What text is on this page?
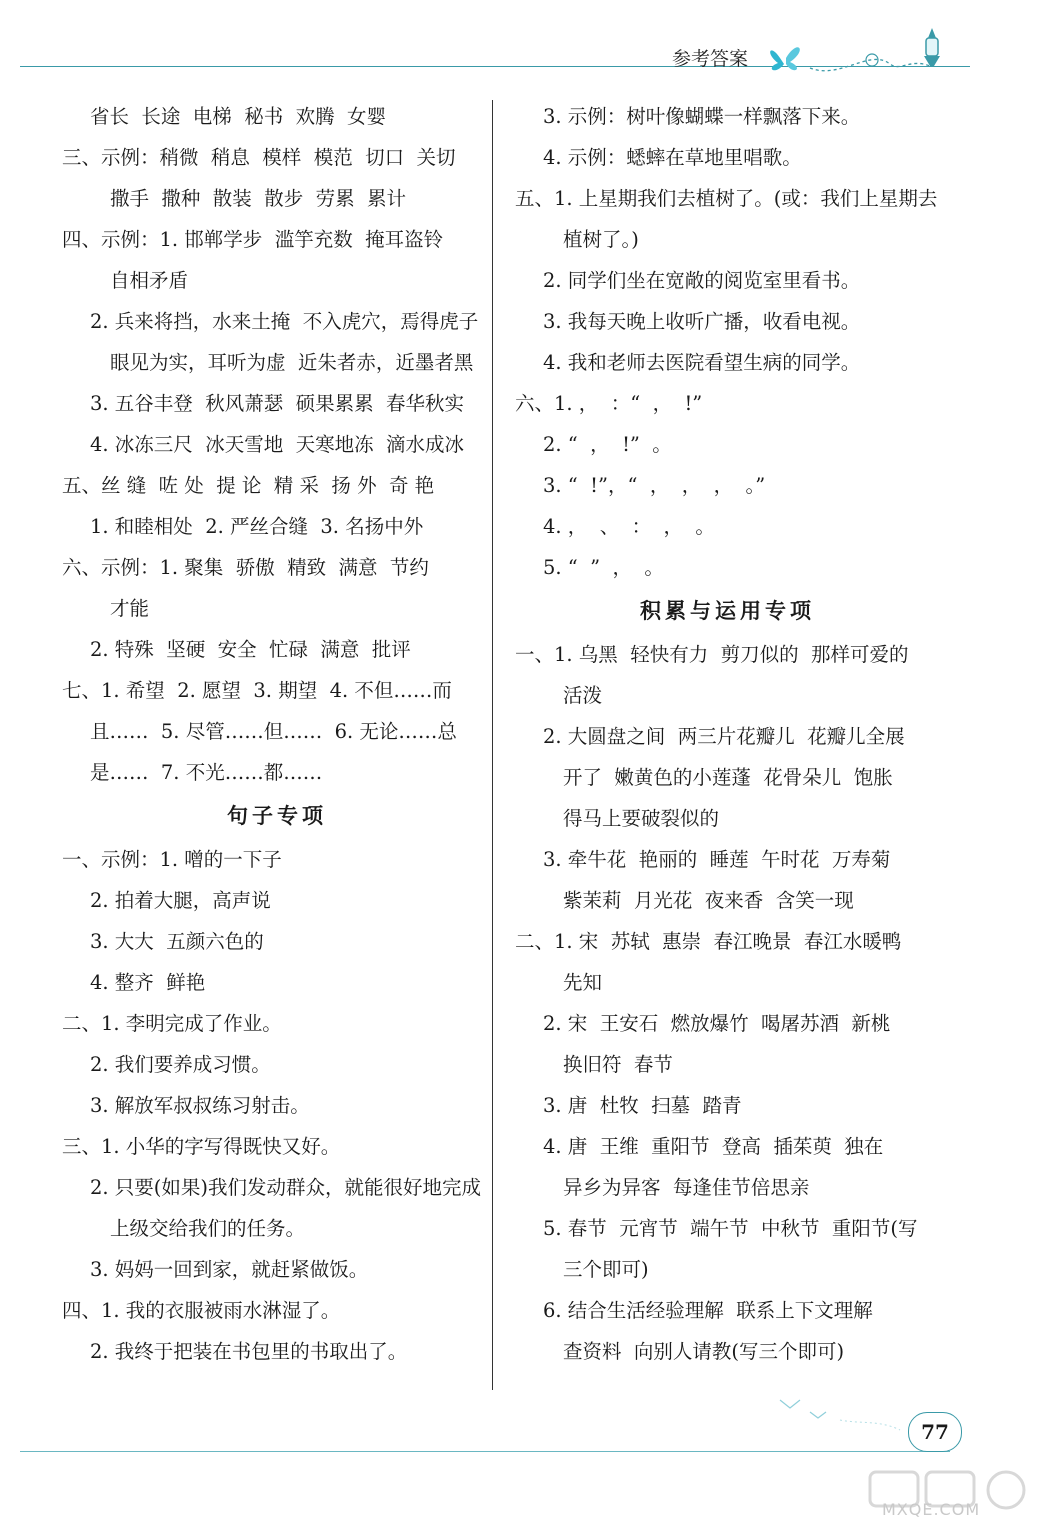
参考答案
省长  长途  电梯  秘书  欢腾  女婴
三、示例：稍微  稍息  模样  模范  切口  关切
撒手  撒种  散装  散步  劳累  累计
四、示例：1. 邯郸学步  滥竽充数  掩耳盗铃
自相矛盾
2. 兵来将挡，水来土掩  不入虎穴，焉得虎子
眼见为实，耳听为虚  近朱者赤，近墨者黑
3. 五谷丰登  秋风萧瑟  硕果累累  春华秋实
4. 冰冻三尺  冰天雪地  天寒地冻  滴水成冰
五、丝 缝  咗 处  提 论  精 采  扬 外  奇 艳
1. 和睦相处  2. 严丝合缝  3. 名扬中外
六、示例：1. 聚集  骄傲  精致  满意  节约
才能
2. 特殊  坚硬  安全  忙碌  满意  批评
七、1. 希望  2. 愿望  3. 期望  4. 不但……而
且……  5. 尽管……但……  6. 无论……总
是……  7. 不光……都……
句子专项
一、示例：1. 噌的一下子
2. 拍着大腿，高声说
3. 大大  五颜六色的
4. 整齐  鲜艳
二、1. 李明完成了作业。
2. 我们要养成习惯。
3. 解放军叔叔练习射击。
三、1. 小华的字写得既快又好。
2. 只要(如果)我们发动群众，就能很好地完成
上级交给我们的任务。
3. 妈妈一回到家，就赶紧做饭。
四、1. 我的衣服被雨水淋湿了。
2. 我终于把装在书包里的书取出了。
3. 示例：树叶像蝴蝶一样飘落下来。
4. 示例：蟋蟀在草地里唱歌。
五、1. 上星期我们去植树了。(或：我们上星期去
植树了。)
2. 同学们坐在宽敞的阅览室里看书。
3. 我每天晚上收听广播，收看电视。
4. 我和老师去医院看望生病的同学。
六、1. ，  ：“  ，  !”
2. “  ，  !”  。
3. “  !”，“  ，  ，  ，  。”
4. ，  、  ：  ，  。
5. “  ”  ，  。
积累与运用专项
一、1. 乌黑  轻快有力  剪刀似的  那样可爱的
活泼
2. 大圆盘之间  两三片花瓣儿  花瓣儿全展
开了  嫩黄色的小莲蓬  花骨朵儿  饱胀
得马上要破裂似的
3. 牵牛花  艳丽的  睡莲  午时花  万寿菊
紫茉莉  月光花  夜来香  含笑一现
二、1. 宋  苏轼  惠崇  春江晚景  春江水暖鸭
先知
2. 宋  王安石  燃放爆竹  喝屠苏酒  新桃
换旧符  春节
3. 唐  杜牧  扫墓  踏青
4. 唐  王维  重阳节  登高  插茱萸  独在
异乡为异客  每逢佳节倍思亲
5. 春节  元宵节  端午节  中秋节  重阳节(写
三个即可)
6. 结合生活经验理解  联系上下文理解
查资料  向别人请教(写三个即可)
77
MXQE.COM
